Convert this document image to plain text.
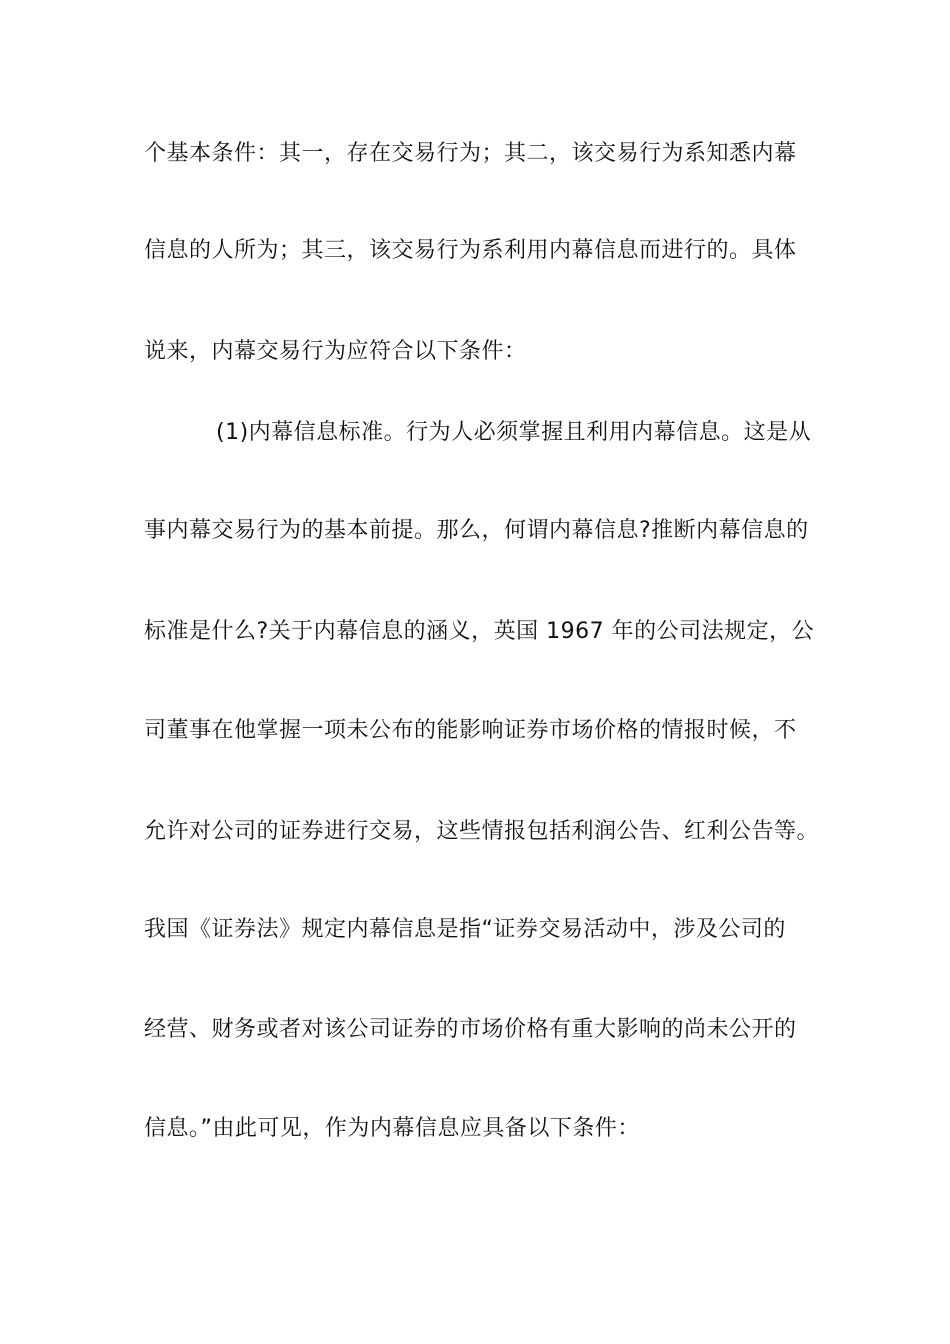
个基本条件：其一，存在交易行为；其二，该交易行为系知悉内幕
信息的人所为；其三，该交易行为系利用内幕信息而进行的。具体
说来，内幕交易行为应符合以下条件：
(1)内幕信息标准。行为人必须掌握且利用内幕信息。这是从
事内幕交易行为的基本前提。那么，何谓内幕信息?推断内幕信息的
标准是什么?关于内幕信息的涵义，英国 1967 年的公司法规定，公
司董事在他掌握一项未公布的能影响证券市场价格的情报时候，不
允许对公司的证券进行交易，这些情报包括利润公告、红利公告等。
我国《证券法》规定内幕信息是指“证券交易活动中，涉及公司的
经营、财务或者对该公司证券的市场价格有重大影响的尚未公开的
信息。”由此可见，作为内幕信息应具备以下条件：
